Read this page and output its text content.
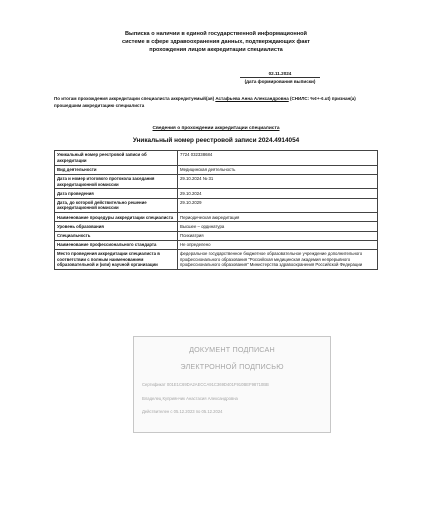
Выписка о наличии в единой государственной информационной
системе в сфере здравоохранения данных, подтверждающих факт
прохождения лицом аккредитации специалиста
02.11.2024
(дата формирования выписки)
По итогам прохождения аккредитации специалиста аккредитуемый(ая) Астафьева Анна Александровна (СНИЛС: %¢+-¢.ut) признан(а) прошедшим аккредитацию специалиста
Сведения о прохождении аккредитации специалиста
Уникальный номер реестровой записи 2024.4914054
Уникальный номер реестровой записи об аккредитации	7724 032338684
Вид деятельности	Медицинская деятельность
Дата и номер итогового протокола заседания аккредитационной комиссии	29.10.2024 № 31
Дата проведения	29.10.2024
Дата, до которой действительно решение аккредитационной комиссии	29.10.2029
Наименование процедуры аккредитации специалиста	Периодическая аккредитация
Уровень образования	Высшее – ординатура
Специальность	Психиатрия
Наименование профессионального стандарта	Не определено
Место проведения аккредитации специалиста в соответствии с полным наименованием образовательной и (или) научной организации	федеральное государственное бюджетное образовательное учреждение дополнительного профессионального образования "Российская медицинская академия непрерывного профессионального образования" Министерства здравоохранения Российской Федерации
ДОКУМЕНТ ПОДПИСАН
ЭЛЕКТРОННОЙ ПОДПИСЬЮ
Сертификат 001E1C69DA2AECCA91C369D401F910BEF98710BB
Владелец Куприянчик Анастасия Александровна
Действителен с 05.12.2023 по 05.12.2024
